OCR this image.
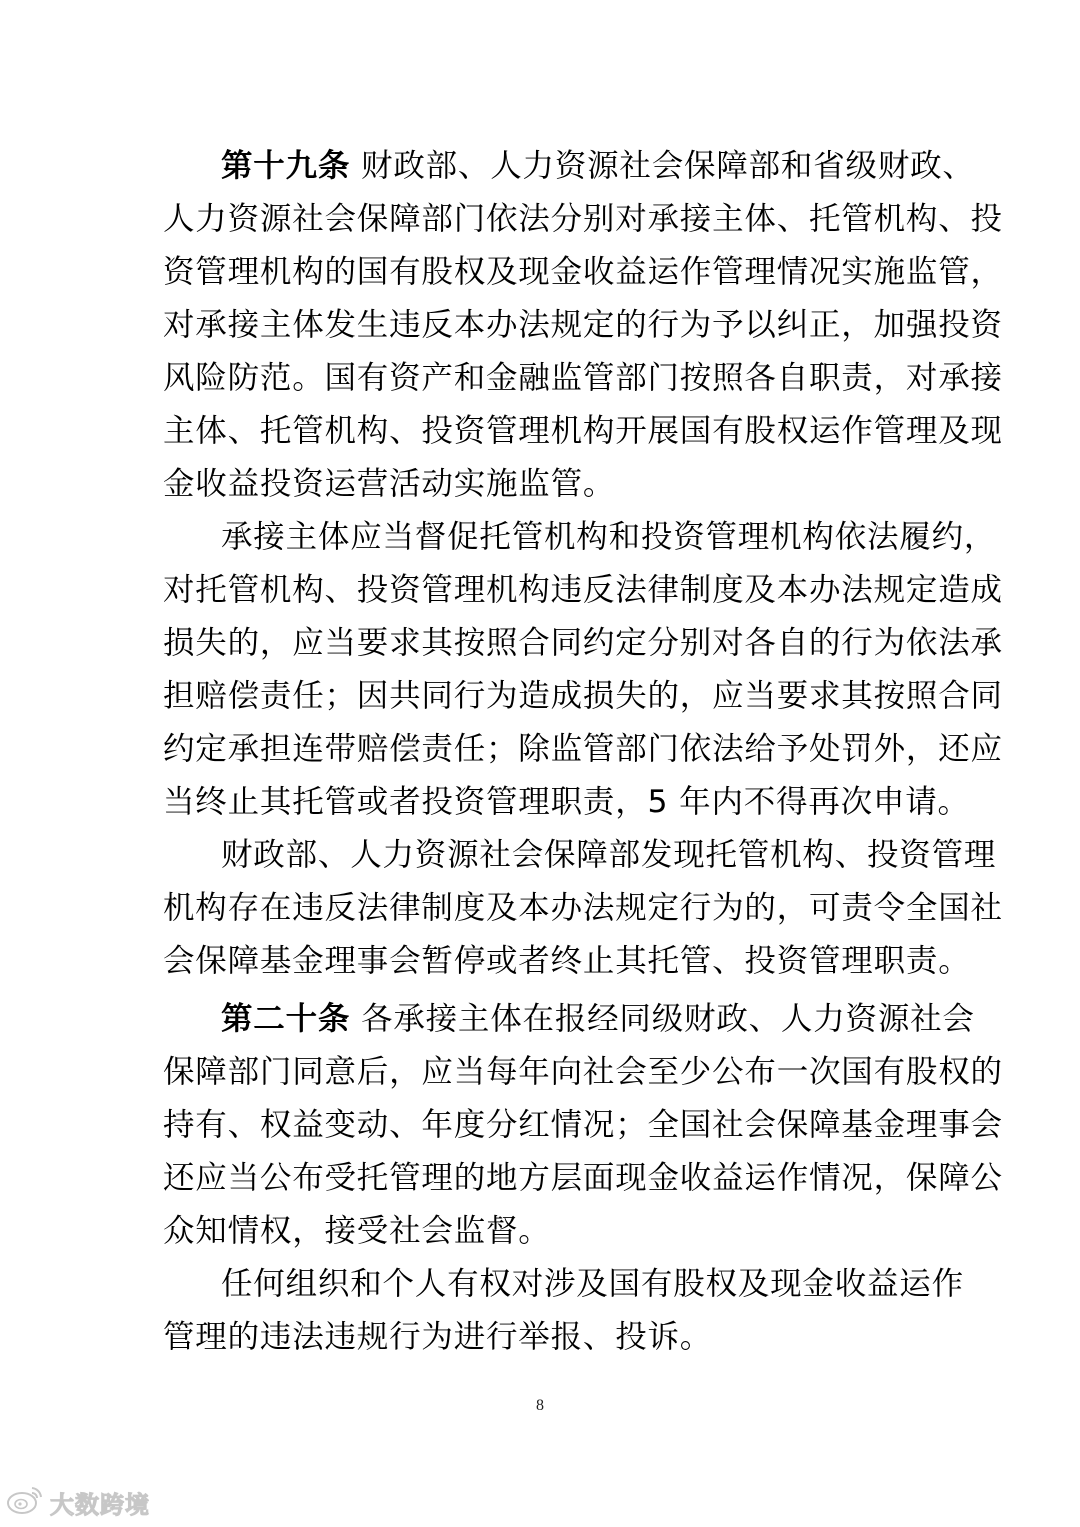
第十九条 财政部、人力资源社会保障部和省级财政、
人力资源社会保障部门依法分别对承接主体、托管机构、投
资管理机构的国有股权及现金收益运作管理情况实施监管，
对承接主体发生违反本办法规定的行为予以纠正，加强投资
风险防范。国有资产和金融监管部门按照各自职责，对承接
主体、托管机构、投资管理机构开展国有股权运作管理及现
金收益投资运营活动实施监管。
承接主体应当督促托管机构和投资管理机构依法履约，
对托管机构、投资管理机构违反法律制度及本办法规定造成
损失的，应当要求其按照合同约定分别对各自的行为依法承
担赔偿责任；因共同行为造成损失的，应当要求其按照合同
约定承担连带赔偿责任；除监管部门依法给予处罚外，还应
当终止其托管或者投资管理职责，5 年内不得再次申请。
财政部、人力资源社会保障部发现托管机构、投资管理
机构存在违反法律制度及本办法规定行为的，可责令全国社
会保障基金理事会暂停或者终止其托管、投资管理职责。
第二十条 各承接主体在报经同级财政、人力资源社会
保障部门同意后，应当每年向社会至少公布一次国有股权的
持有、权益变动、年度分红情况；全国社会保障基金理事会
还应当公布受托管理的地方层面现金收益运作情况，保障公
众知情权，接受社会监督。
任何组织和个人有权对涉及国有股权及现金收益运作
管理的违法违规行为进行举报、投诉。
8
大数跨境
